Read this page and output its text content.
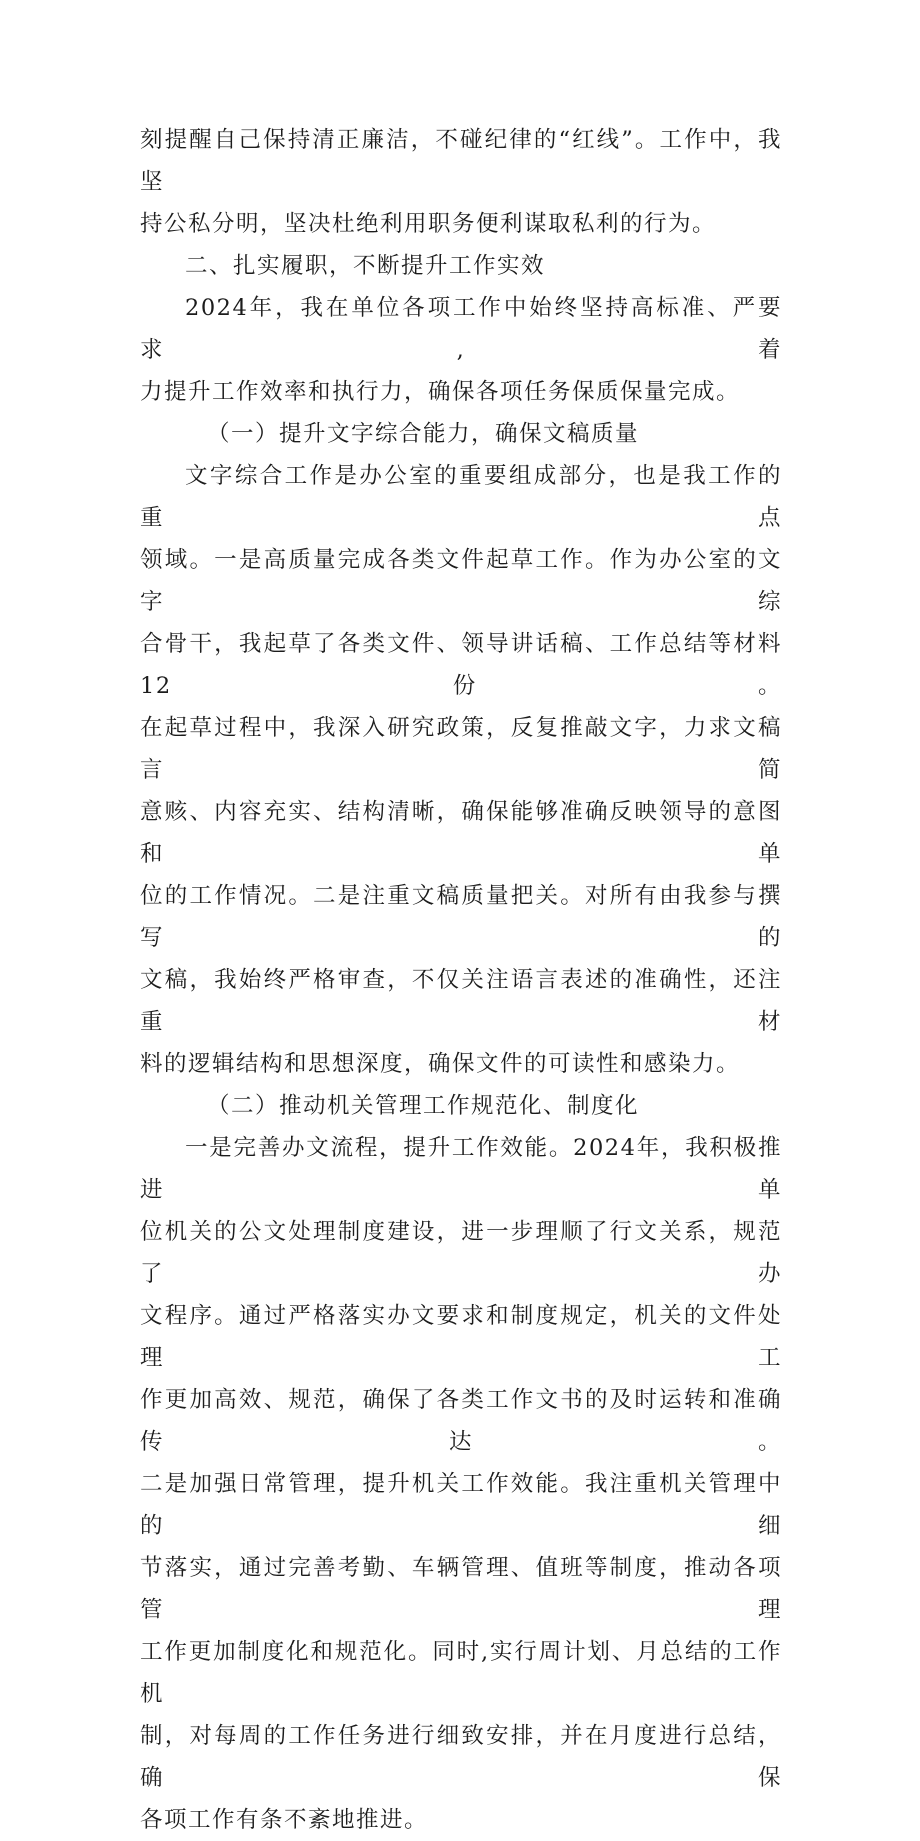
刻提醒自己保持清正廉洁，不碰纪律的“红线”。工作中，我坚
持公私分明，坚决杜绝利用职务便利谋取私利的行为。

二、扎实履职，不断提升工作实效

2024年，我在单位各项工作中始终坚持高标准、严要求,着
力提升工作效率和执行力，确保各项任务保质保量完成。

（一）提升文字综合能力，确保文稿质量

文字综合工作是办公室的重要组成部分，也是我工作的重点
领域。一是高质量完成各类文件起草工作。作为办公室的文字综
合骨干，我起草了各类文件、领导讲话稿、工作总结等材料12份。
在起草过程中，我深入研究政策，反复推敲文字，力求文稿言简
意赅、内容充实、结构清晰，确保能够准确反映领导的意图和单
位的工作情况。二是注重文稿质量把关。对所有由我参与撰写的
文稿，我始终严格审查，不仅关注语言表述的准确性，还注重材
料的逻辑结构和思想深度，确保文件的可读性和感染力。

（二）推动机关管理工作规范化、制度化

一是完善办文流程，提升工作效能。2024年，我积极推进单
位机关的公文处理制度建设，进一步理顺了行文关系，规范了办
文程序。通过严格落实办文要求和制度规定，机关的文件处理工
作更加高效、规范，确保了各类工作文书的及时运转和准确传达。
二是加强日常管理，提升机关工作效能。我注重机关管理中的细
节落实，通过完善考勤、车辆管理、值班等制度，推动各项管理
工作更加制度化和规范化。同时,实行周计划、月总结的工作机
制，对每周的工作任务进行细致安排，并在月度进行总结，确保
各项工作有条不紊地推进。
